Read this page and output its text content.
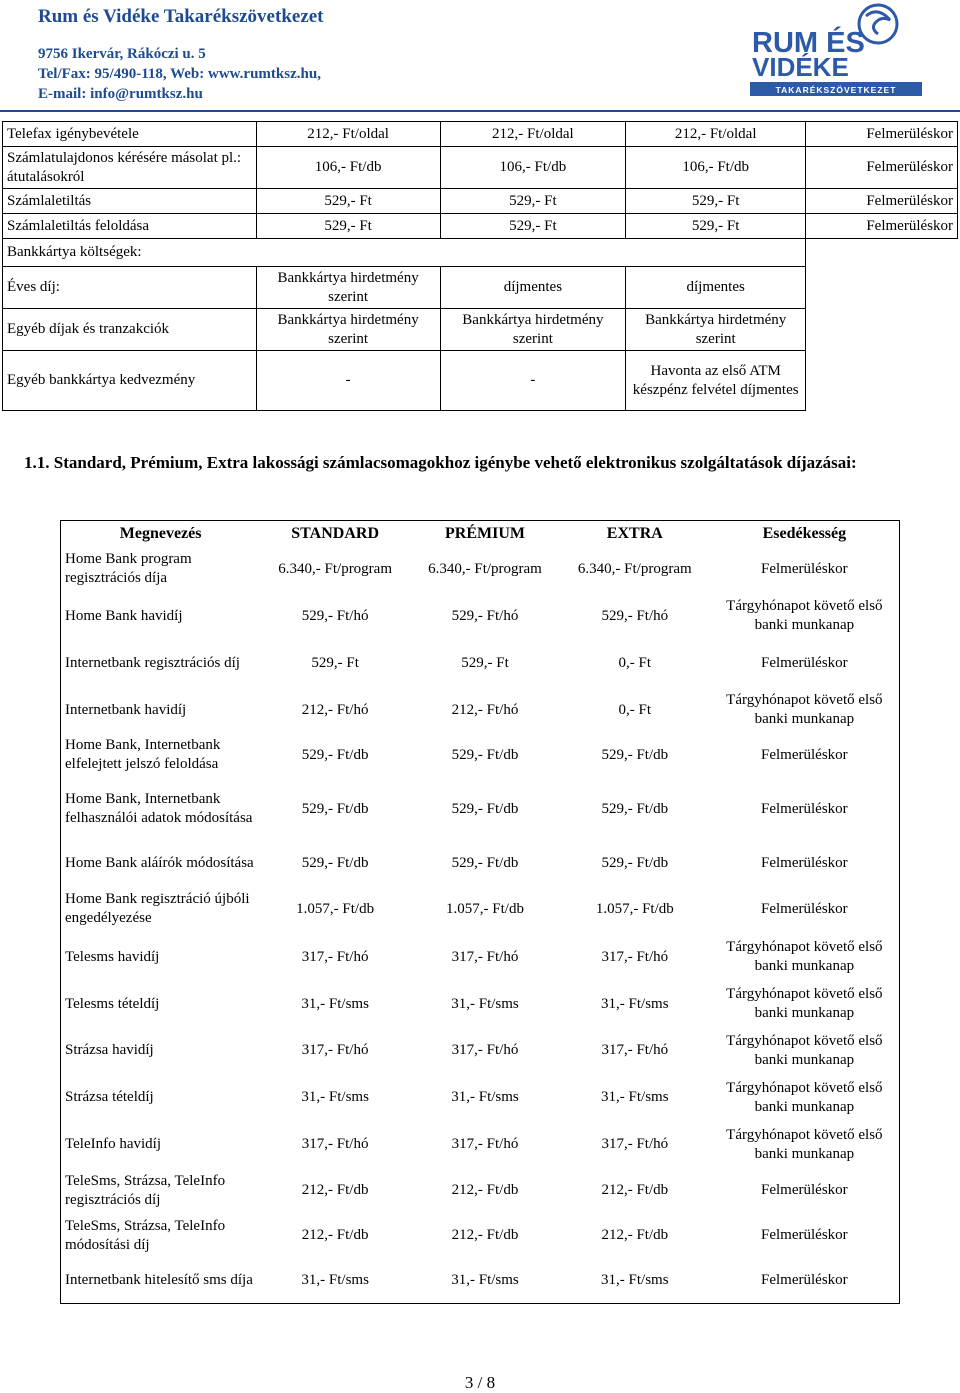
Rum és Vidéke Takarékszövetkezet
9756 Ikervár, Rákóczi u. 5
Tel/Fax: 95/490-118, Web: www.rumtksz.hu,
E-mail: info@rumtksz.hu
RUM ÉS
VIDÉKE
TAKARÉKSZÖVETKEZET
Telefax igénybevétele	212,- Ft/oldal	212,- Ft/oldal	212,- Ft/oldal	Felmerüléskor
Számlatulajdonos kérésére másolat pl.: átutalásokról	106,- Ft/db	106,- Ft/db	106,- Ft/db	Felmerüléskor
Számlaletiltás	529,- Ft	529,- Ft	529,- Ft	Felmerüléskor
Számlaletiltás feloldása	529,- Ft	529,- Ft	529,- Ft	Felmerüléskor
Bankkártya költségek:				
Éves díj:	Bankkártya hirdetmény szerint	díjmentes	díjmentes	
Egyéb díjak és tranzakciók	Bankkártya hirdetmény szerint	Bankkártya hirdetmény szerint	Bankkártya hirdetmény szerint	
Egyéb bankkártya kedvezmény	-	-	Havonta az első ATM készpénz felvétel díjmentes	
1.1. Standard, Prémium, Extra lakossági számlacsomagokhoz igénybe vehető elektronikus szolgáltatások díjazásai:
Megnevezés	STANDARD	PRÉMIUM	EXTRA	Esedékesség
Home Bank program regisztrációs díja	6.340,- Ft/program	6.340,- Ft/program	6.340,- Ft/program	Felmerüléskor
Home Bank havidíj	529,- Ft/hó	529,- Ft/hó	529,- Ft/hó	Tárgyhónapot követő első banki munkanap
Internetbank regisztrációs díj	529,- Ft	529,- Ft	0,- Ft	Felmerüléskor
Internetbank havidíj	212,- Ft/hó	212,- Ft/hó	0,- Ft	Tárgyhónapot követő első banki munkanap
Home Bank, Internetbank elfelejtett jelszó feloldása	529,- Ft/db	529,- Ft/db	529,- Ft/db	Felmerüléskor
Home Bank, Internetbank felhasználói adatok módosítása	529,- Ft/db	529,- Ft/db	529,- Ft/db	Felmerüléskor
Home Bank aláírók módosítása	529,- Ft/db	529,- Ft/db	529,- Ft/db	Felmerüléskor
Home Bank regisztráció újbóli engedélyezése	1.057,- Ft/db	1.057,- Ft/db	1.057,- Ft/db	Felmerüléskor
Telesms havidíj	317,- Ft/hó	317,- Ft/hó	317,- Ft/hó	Tárgyhónapot követő első banki munkanap
Telesms tételdíj	31,- Ft/sms	31,- Ft/sms	31,- Ft/sms	Tárgyhónapot követő első banki munkanap
Strázsa havidíj	317,- Ft/hó	317,- Ft/hó	317,- Ft/hó	Tárgyhónapot követő első banki munkanap
Strázsa tételdíj	31,- Ft/sms	31,- Ft/sms	31,- Ft/sms	Tárgyhónapot követő első banki munkanap
TeleInfo havidíj	317,- Ft/hó	317,- Ft/hó	317,- Ft/hó	Tárgyhónapot követő első banki munkanap
TeleSms, Strázsa, TeleInfo regisztrációs díj	212,- Ft/db	212,- Ft/db	212,- Ft/db	Felmerüléskor
TeleSms, Strázsa, TeleInfo módosítási díj	212,- Ft/db	212,- Ft/db	212,- Ft/db	Felmerüléskor
Internetbank hitelesítő sms díja	31,- Ft/sms	31,- Ft/sms	31,- Ft/sms	Felmerüléskor
3 / 8
